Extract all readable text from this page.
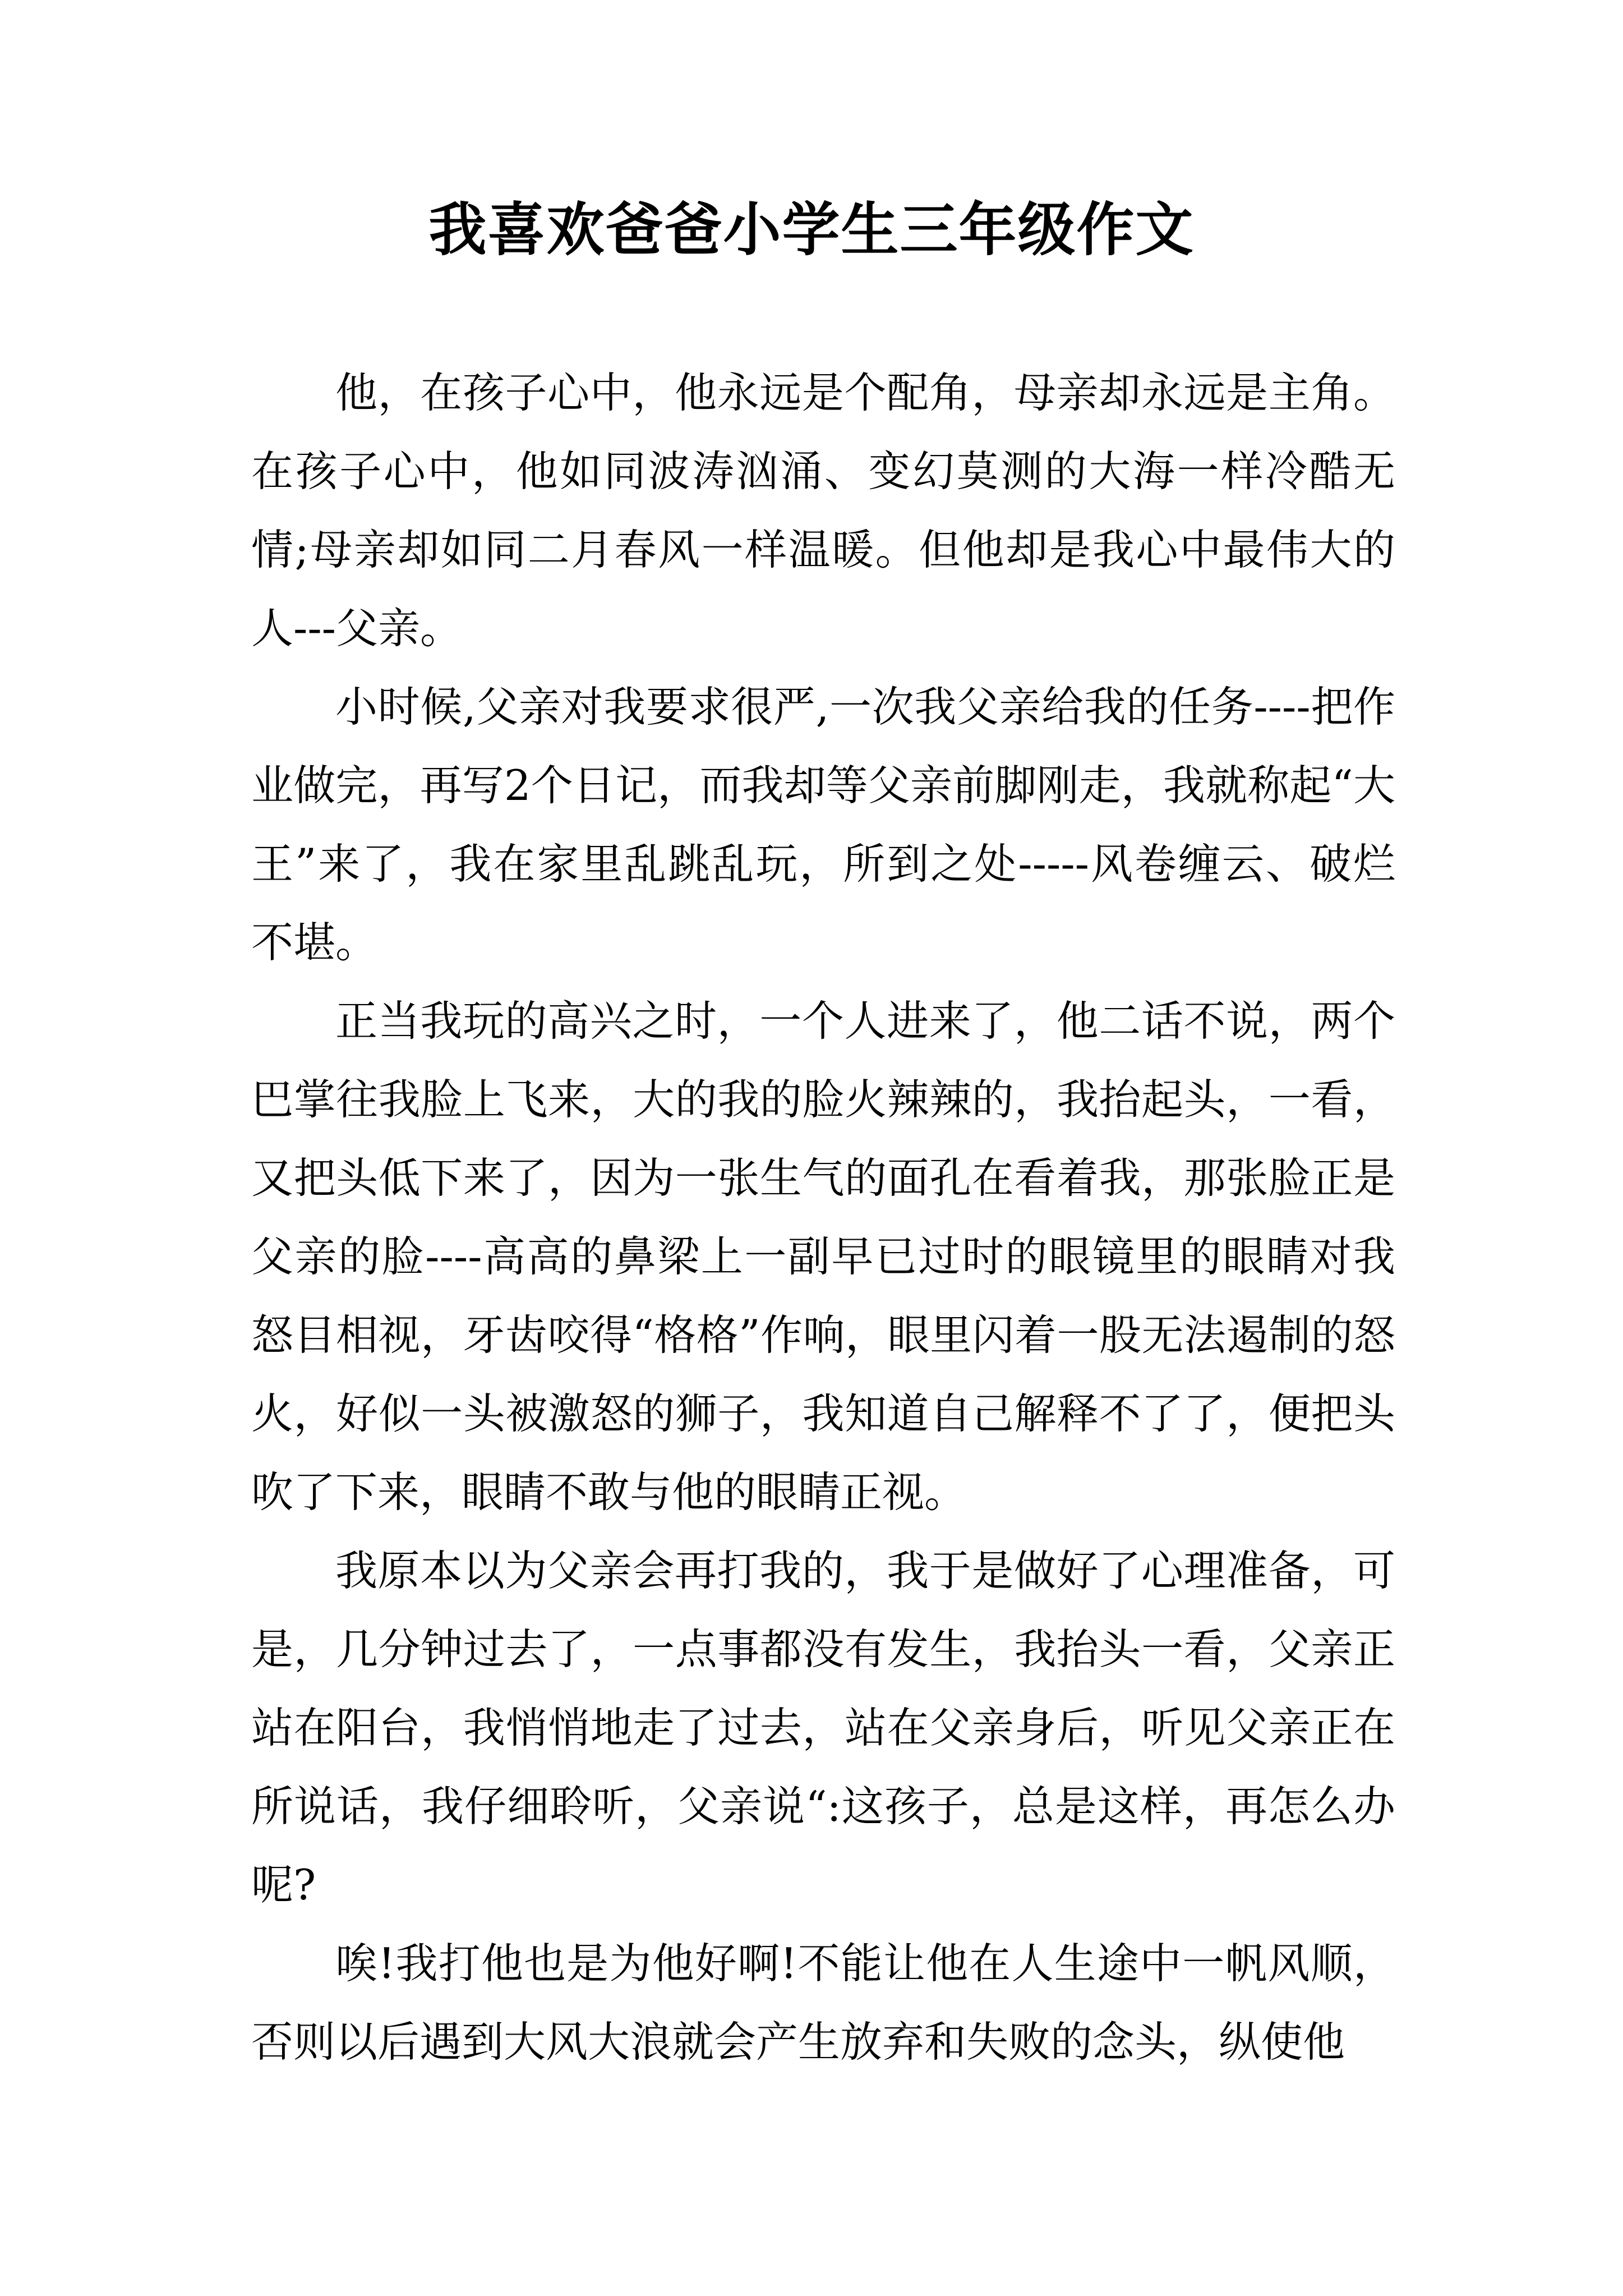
我喜欢爸爸小学生三年级作文

他，在孩子心中，他永远是个配角，母亲却永远是主角。在孩子心中，他如同波涛汹涌、变幻莫测的大海一样冷酷无情;母亲却如同二月春风一样温暖。但他却是我心中最伟大的人---父亲。

小时候,父亲对我要求很严,一次我父亲给我的任务----把作业做完，再写2个日记，而我却等父亲前脚刚走，我就称起“大王”来了，我在家里乱跳乱玩，所到之处-----风卷缠云、破烂不堪。

正当我玩的高兴之时，一个人进来了，他二话不说，两个巴掌往我脸上飞来，大的我的脸火辣辣的，我抬起头，一看，又把头低下来了，因为一张生气的面孔在看着我，那张脸正是父亲的脸----高高的鼻梁上一副早已过时的眼镜里的眼睛对我怒目相视，牙齿咬得“格格”作响，眼里闪着一股无法遏制的怒火，好似一头被激怒的狮子，我知道自己解释不了了，便把头吹了下来，眼睛不敢与他的眼睛正视。

我原本以为父亲会再打我的，我于是做好了心理准备，可是，几分钟过去了，一点事都没有发生，我抬头一看，父亲正站在阳台，我悄悄地走了过去，站在父亲身后，听见父亲正在所说话，我仔细聆听，父亲说“:这孩子，总是这样，再怎么办呢?

唉!我打他也是为他好啊!不能让他在人生途中一帆风顺，否则以后遇到大风大浪就会产生放弃和失败的念头，纵使他
